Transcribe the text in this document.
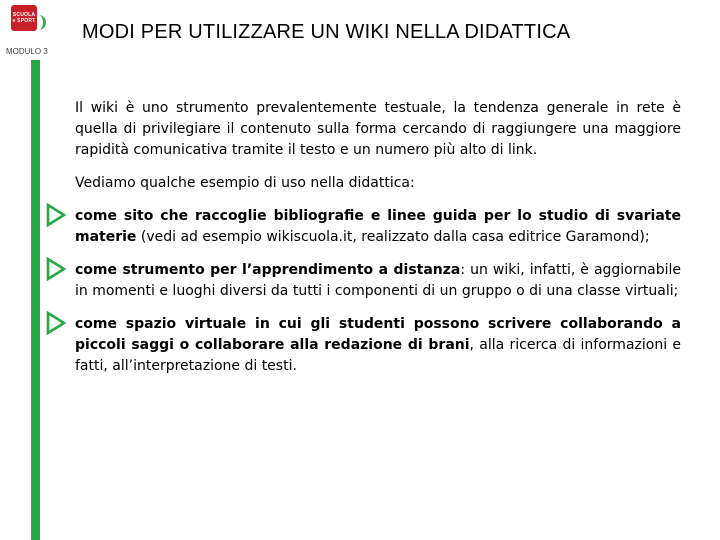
SCUOLA
e SPORT
MODULO 3
MODI PER UTILIZZARE UN WIKI NELLA DIDATTICA

Il wiki è uno strumento prevalentemente testuale, la tendenza generale in rete è quella di privilegiare il contenuto sulla forma cercando di raggiungere una maggiore rapidità comunicativa tramite il testo e un numero più alto di link.

Vediamo qualche esempio di uso nella didattica:

come sito che raccoglie bibliografie e linee guida per lo studio di svariate materie (vedi ad esempio wikiscuola.it, realizzato dalla casa editrice Garamond);
come strumento per l’apprendimento a distanza: un wiki, infatti, è aggiornabile in momenti e luoghi diversi da tutti i componenti di un gruppo o di una classe virtuali;
come spazio virtuale in cui gli studenti possono scrivere collaborando a piccoli saggi o collaborare alla redazione di brani, alla ricerca di informazioni e fatti, all’interpretazione di testi.
